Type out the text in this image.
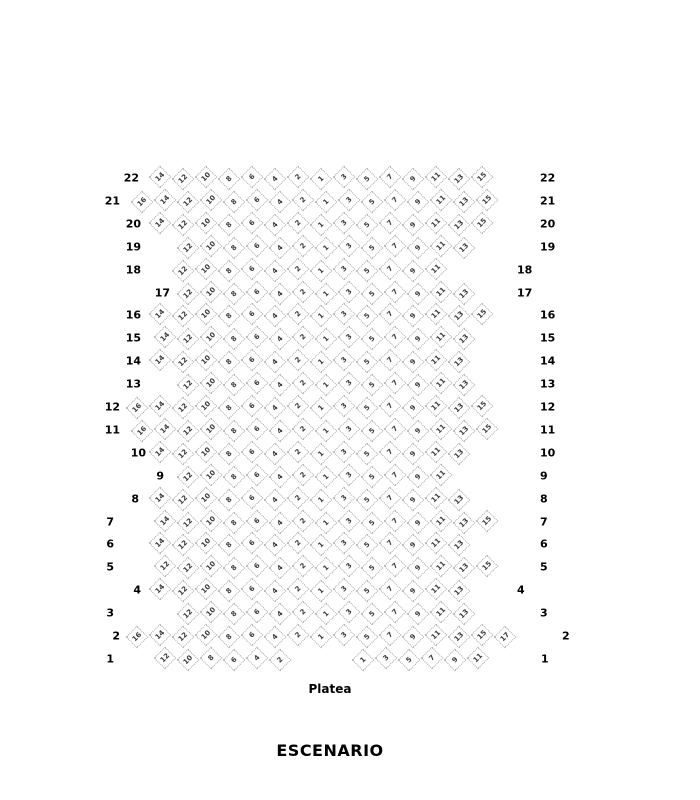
22	22
14 12 10 8 6 4 2 1 3 5 7 9 11 13 15
21	21
16 14 12 10 8 6 4 2 1 3 5 7 9 11 13 15
20	20
14 12 10 8 6 4 2 1 3 5 7 9 11 13 15
19	19
12 10 8 6 4 2 1 3 5 7 9 11 13
18	18
12 10 8 6 4 2 1 3 5 7 9 11
17	17
12 10 8 6 4 2 1 3 5 7 9 11 13
16	16
14 12 10 8 6 4 2 1 3 5 7 9 11 13 15
15	15
14 12 10 8 6 4 2 1 3 5 7 9 11 13
14	14
14 12 10 8 6 4 2 1 3 5 7 9 11 13
13	13
12 10 8 6 4 2 1 3 5 7 9 11 13
12	12
16 14 12 10 8 6 4 2 1 3 5 7 9 11 13 15
11	11
16 14 12 10 8 6 4 2 1 3 5 7 9 11 13 15
10	10
14 12 10 8 6 4 2 1 3 5 7 9 11 13
9	9
12 10 8 6 4 2 1 3 5 7 9 11
8	8
14 12 10 8 6 4 2 1 3 5 7 9 11 13
7	7
14 12 10 8 6 4 2 1 3 5 7 9 11 13 15
6	6
14 12 10 8 6 4 2 1 3 5 7 9 11 13
5	5
12 12 10 8 6 4 2 1 3 5 7 9 11 13 15
4	4
14 12 10 8 6 4 2 1 3 5 7 9 11 13
3	3
12 10 8 6 4 2 1 3 5 7 9 11 13
2	2
16 14 12 10 8 6 4 2 1 3 5 7 9 11 13 15 17
1	1
12 10 8 6 4 2	1 3 5 7 9 11
Platea
ESCENARIO
